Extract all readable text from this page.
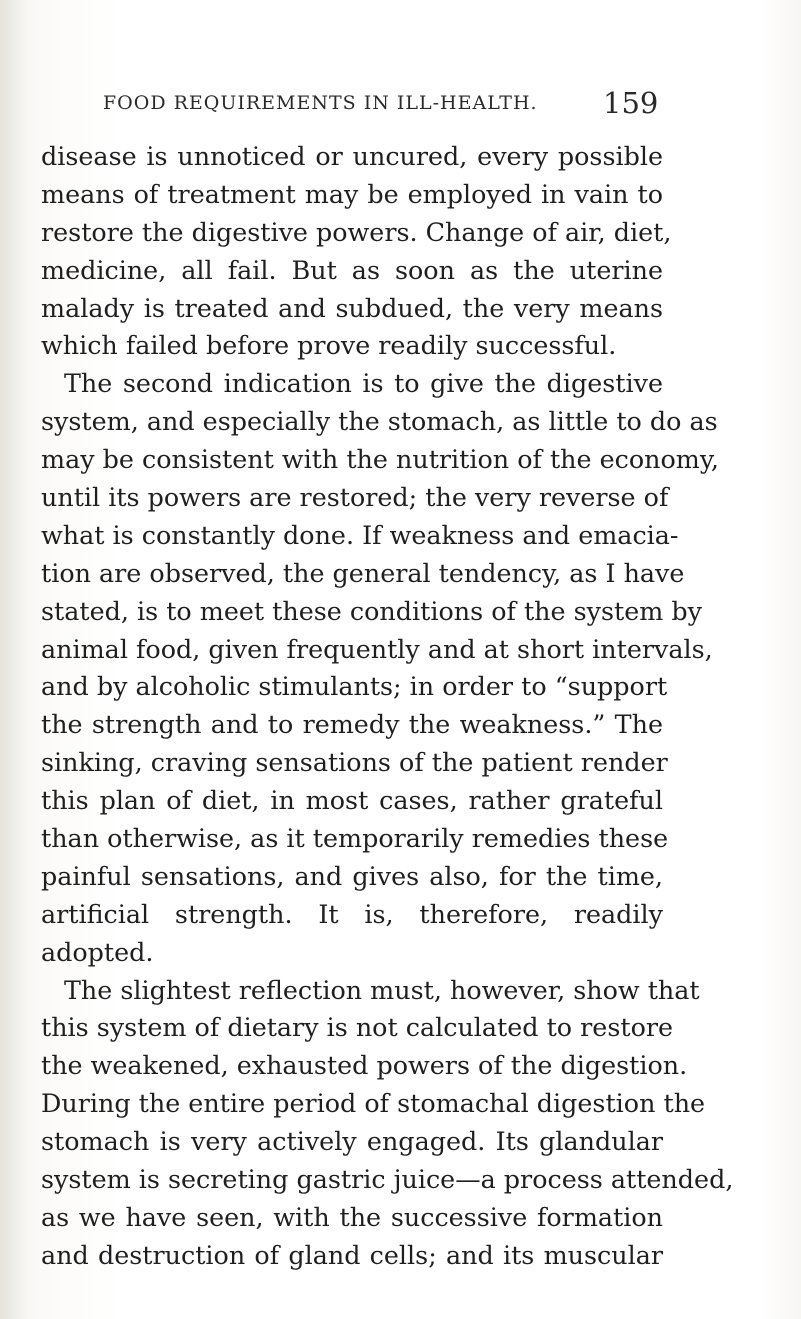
FOOD REQUIREMENTS IN ILL-HEALTH. 159
disease is unnoticed or uncured, every possible
means of treatment may be employed in vain to
restore the digestive powers. Change of air, diet,
medicine, all fail. But as soon as the uterine
malady is treated and subdued, the very means
which failed before prove readily successful.
The second indication is to give the digestive
system, and especially the stomach, as little to do as
may be consistent with the nutrition of the economy,
until its powers are restored; the very reverse of
what is constantly done. If weakness and emacia-
tion are observed, the general tendency, as I have
stated, is to meet these conditions of the system by
animal food, given frequently and at short intervals,
and by alcoholic stimulants; in order to “support
the strength and to remedy the weakness.” The
sinking, craving sensations of the patient render
this plan of diet, in most cases, rather grateful
than otherwise, as it temporarily remedies these
painful sensations, and gives also, for the time,
artificial strength. It is, therefore, readily
adopted.
The slightest reflection must, however, show that
this system of dietary is not calculated to restore
the weakened, exhausted powers of the digestion.
During the entire period of stomachal digestion the
stomach is very actively engaged. Its glandular
system is secreting gastric juice—a process attended,
as we have seen, with the successive formation
and destruction of gland cells; and its muscular
